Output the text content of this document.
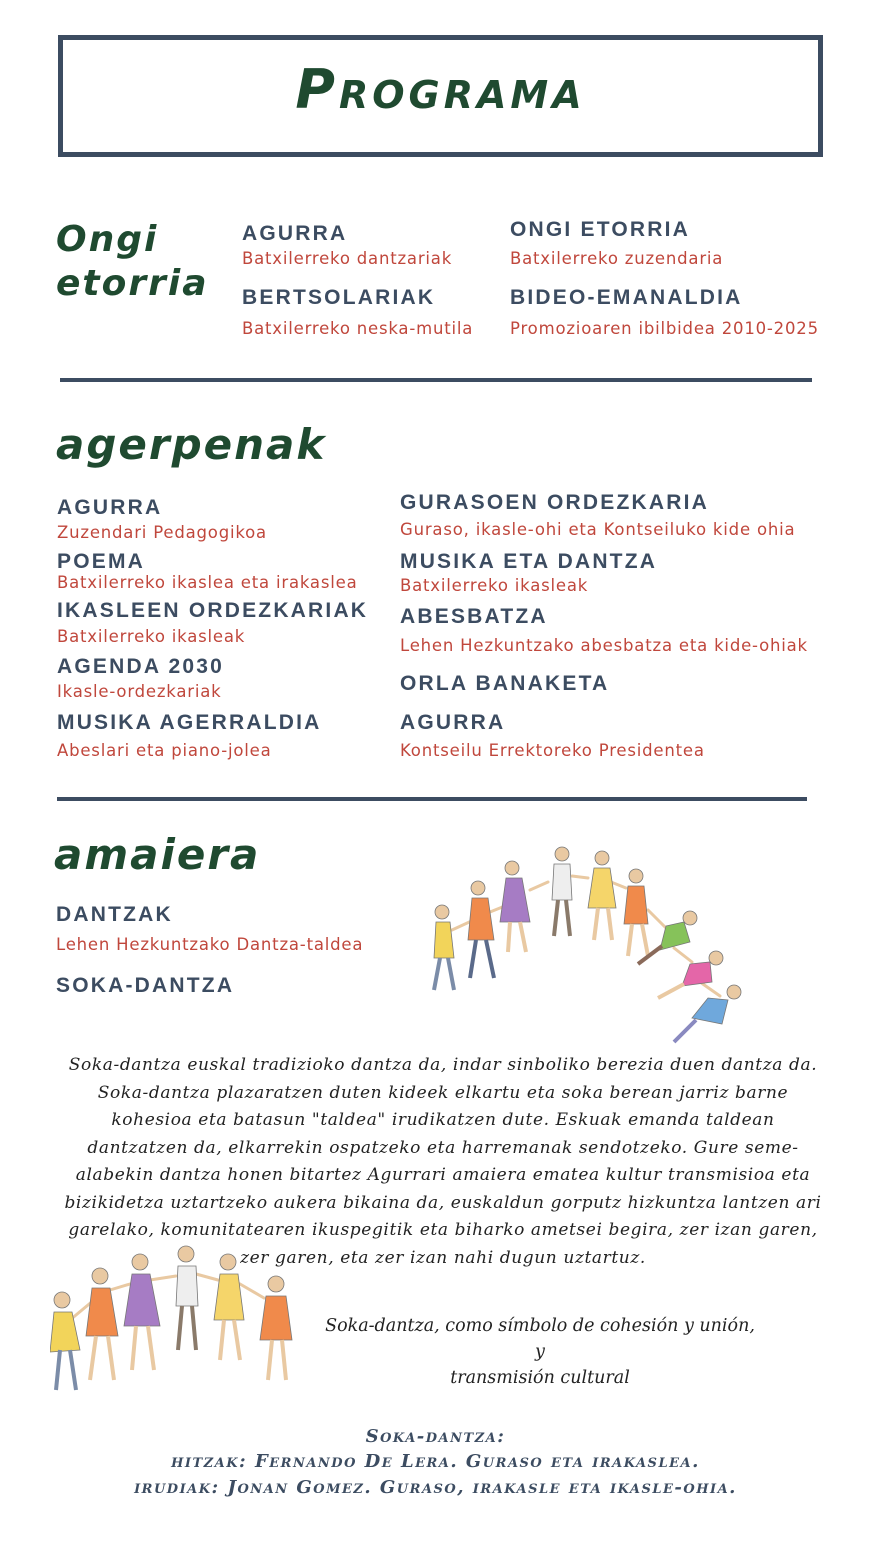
Programa
Ongi
etorria
AGURRA
Batxilerreko dantzariak
ONGI ETORRIA
Batxilerreko zuzendaria
BERTSOLARIAK
Batxilerreko neska-mutila
BIDEO-EMANALDIA
Promozioaren ibilbidea 2010-2025
agerpenak
AGURRA
Zuzendari Pedagogikoa
POEMA
Batxilerreko ikaslea eta irakaslea
IKASLEEN ORDEZKARIAK
Batxilerreko ikasleak
AGENDA 2030
Ikasle-ordezkariak
MUSIKA AGERRALDIA
Abeslari eta piano-jolea
GURASOEN ORDEZKARIA
Guraso, ikasle-ohi eta Kontseiluko kide ohia
MUSIKA ETA DANTZA
Batxilerreko ikasleak
ABESBATZA
Lehen Hezkuntzako abesbatza eta kide-ohiak
ORLA BANAKETA
AGURRA
Kontseilu Errektoreko Presidentea
amaiera
DANTZAK
Lehen Hezkuntzako Dantza-taldea
SOKA-DANTZA
Soka-dantza euskal tradizioko dantza da, indar sinboliko berezia duen dantza da.
Soka-dantza plazaratzen duten kideek elkartu eta soka berean jarriz barne
kohesioa eta batasun "taldea" irudikatzen dute. Eskuak emanda taldean
dantzatzen da, elkarrekin ospatzeko eta harremanak sendotzeko. Gure seme-
alabekin dantza honen bitartez Agurrari amaiera ematea kultur transmisioa eta
bizikidetza uztartzeko aukera bikaina da, euskaldun gorputz hizkuntza lantzen ari
garelako, komunitatearen ikuspegitik eta biharko ametsei begira, zer izan garen,
zer garen, eta zer izan nahi dugun uztartuz.
Soka-dantza, como símbolo de cohesión y unión, y
transmisión cultural
Soka-dantza:
hitzak: Fernando De Lera. Guraso eta irakaslea.
irudiak: Jonan Gomez. Guraso, irakasle eta ikasle-ohia.
